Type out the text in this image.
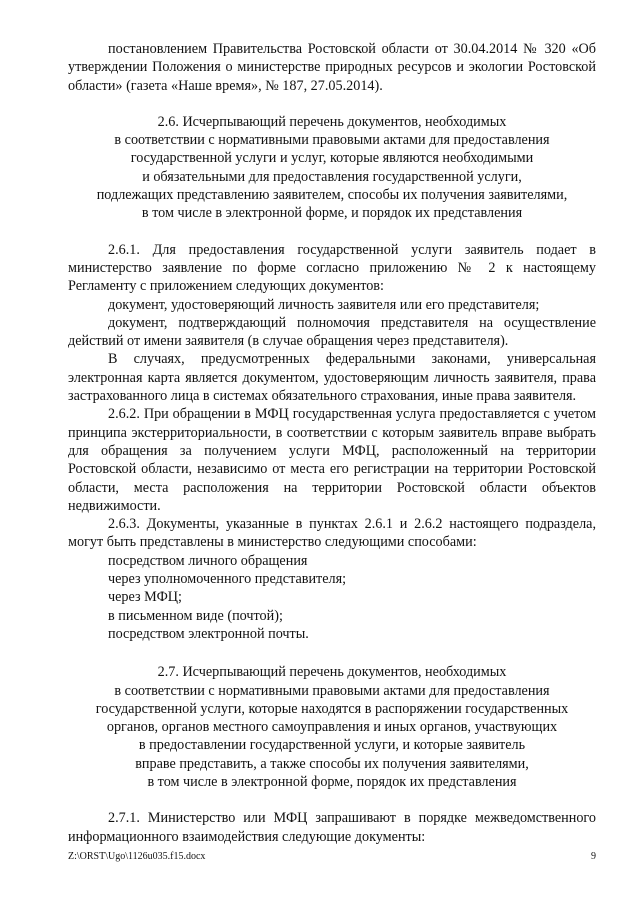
постановлением Правительства Ростовской области от 30.04.2014 № 320 «Об утверждении Положения о министерстве природных ресурсов и экологии Ростовской области» (газета «Наше время», № 187, 27.05.2014).

2.6. Исчерпывающий перечень документов, необходимых

в соответствии с нормативными правовыми актами для предоставления

государственной услуги и услуг, которые являются необходимыми

и обязательными для предоставления государственной услуги,

подлежащих представлению заявителем, способы их получения заявителями,

в том числе в электронной форме, и порядок их представления

2.6.1. Для предоставления государственной услуги заявитель подает в министерство заявление по форме согласно приложению № 2 к настоящему Регламенту с приложением следующих документов:

документ, удостоверяющий личность заявителя или его представителя;

документ, подтверждающий полномочия представителя на осуществление действий от имени заявителя (в случае обращения через представителя).

В случаях, предусмотренных федеральными законами, универсальная электронная карта является документом, удостоверяющим личность заявителя, права застрахованного лица в системах обязательного страхования, иные права заявителя.

2.6.2. При обращении в МФЦ государственная услуга предоставляется с учетом принципа экстерриториальности, в соответствии с которым заявитель вправе выбрать для обращения за получением услуги МФЦ, расположенный на территории Ростовской области, независимо от места его регистрации на территории Ростовской области, места расположения на территории Ростовской области объектов недвижимости.

2.6.3. Документы, указанные в пунктах 2.6.1 и 2.6.2 настоящего подраздела, могут быть представлены в министерство следующими способами:

посредством личного обращения

через уполномоченного представителя;

через МФЦ;

в письменном виде (почтой);

посредством электронной почты.

2.7. Исчерпывающий перечень документов, необходимых

в соответствии с нормативными правовыми актами для предоставления

государственной услуги, которые находятся в распоряжении государственных

органов, органов местного самоуправления и иных органов, участвующих

в предоставлении государственной услуги, и которые заявитель

вправе представить, а также способы их получения заявителями,

в том числе в электронной форме, порядок их представления

2.7.1. Министерство или МФЦ запрашивают в порядке межведомственного информационного взаимодействия следующие документы:

Z:\ORST\Ugo\1126u035.f15.docx	9
